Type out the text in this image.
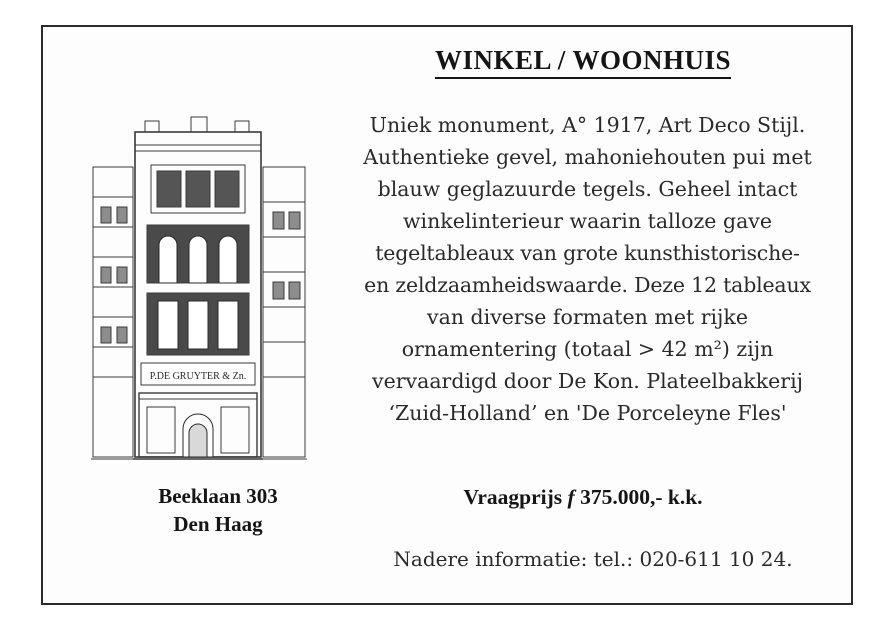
WINKEL / WOONHUIS
P.DE GRUYTER & Zn.
Uniek monument, A° 1917, Art Deco Stijl.
Authentieke gevel, mahoniehouten pui met
blauw geglazuurde tegels. Geheel intact
winkelinterieur waarin talloze gave
tegeltableaux van grote kunsthistorische-
en zeldzaamheidswaarde. Deze 12 tableaux
van diverse formaten met rijke
ornamentering (totaal > 42 m²) zijn
vervaardigd door De Kon. Plateelbakkerij
‘Zuid-Holland’ en 'De Porceleyne Fles'
Beeklaan 303
Den Haag
Vraagprijs f 375.000,- k.k.
Nadere informatie: tel.: 020-611 10 24.
